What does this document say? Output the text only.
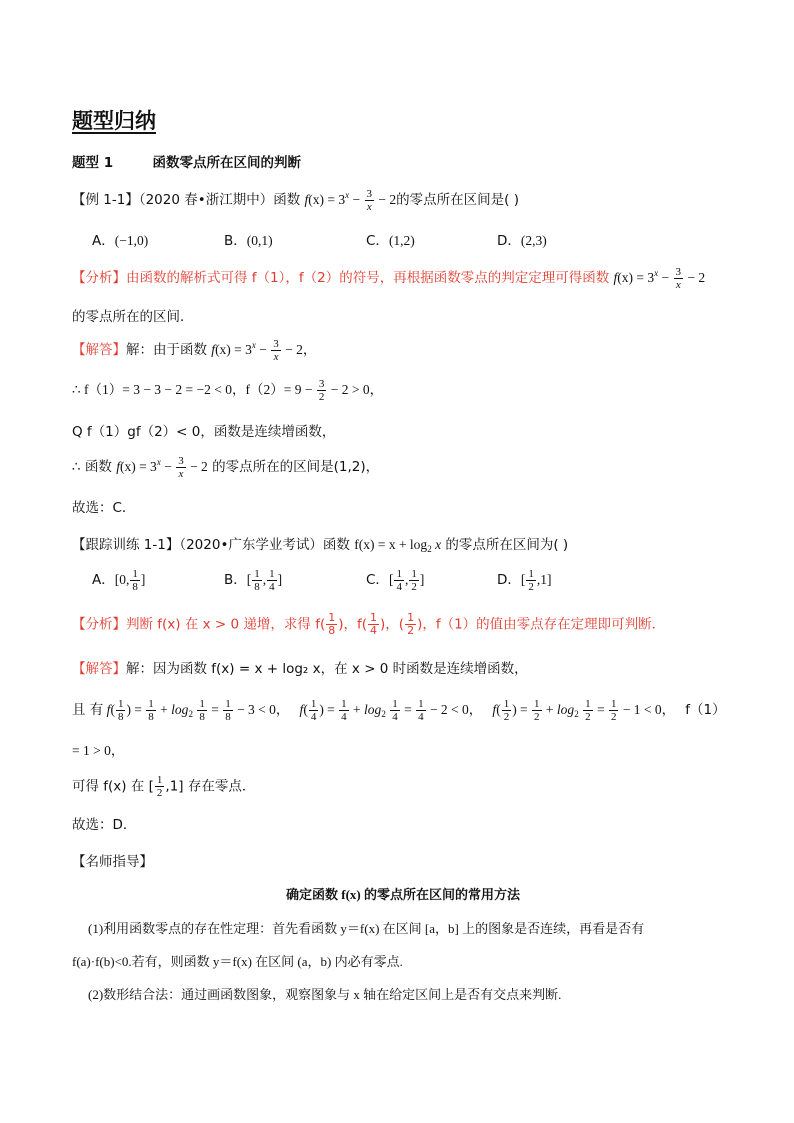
题型归纳
题型 1	函数零点所在区间的判断
【例 1-1】（2020 春•浙江期中）函数 $f(x) = 3^x - \frac{3}{x} - 2$的零点所在区间是( )
A．(−1,0)	B．(0,1)	C．(1,2)	D．(2,3)
【分析】由函数的解析式可得 f（1），f（2）的符号，再根据函数零点的判定定理可得函数 $f(x) = 3^x - \frac{3}{x} - 2$
的零点所在的区间．
【解答】解：由于函数 $f(x) = 3^x - \frac{3}{x} - 2$，
∴ f（1）= 3 − 3 − 2 = −2 < 0，$f(2)= 9 - \frac{3}{2} - 2 > 0$，
Q f（1）gf（2）< 0，函数是连续增函数，
∴ 函数 $f(x) = 3^x - \frac{3}{x} - 2$ 的零点所在的区间是(1,2)，
故选：C．
【跟踪训练 1-1】（2020•广东学业考试）函数 $f(x) = x + \log_2 x$ 的零点所在区间为( )
A．[0, $\frac{1}{8}$ ]	B．[ $\frac{1}{8}$ , $\frac{1}{4}$ ]	C．[ $\frac{1}{4}$ , $\frac{1}{2}$ ]	D．[ $\frac{1}{2} ,1$]
【分析】判断 f(x) 在 x > 0 递增，求得 $f( \frac{1}{8}$ )，$f( \frac{1}{4}$ )，( $\frac{1}{2}$ )，f（1）的值由零点存在定理即可判断．
【解答】解：因为函数 f(x) = x + log₂ x，在 x > 0 时函数是连续增函数，
且 有 $f( \frac{1}{8}$ ) = $\frac{1}{8} + \log_2 \frac{1}{8} = \frac{1}{8} - 3 < 0$，   $f( \frac{1}{4}$ ) = $\frac{1}{4} + \log_2 \frac{1}{4} = \frac{1}{4} - 2 < 0$，   $f( \frac{1}{2}$ ) = $\frac{1}{2} + \log_2 \frac{1}{2} = \frac{1}{2} - 1 < 0$，   f（1）
= 1 > 0，
可得 f(x) 在 [ $\frac{1}{2} ,1$] 存在零点．
故选：D．
【名师指导】
确定函数 f(x) 的零点所在区间的常用方法
(1)利用函数零点的存在性定理：首先看函数 y＝f(x) 在区间 [a，b] 上的图象是否连续，再看是否有
f(a)·f(b)<0.若有，则函数 y＝f(x) 在区间 (a，b) 内必有零点.
(2)数形结合法：通过画函数图象，观察图象与 x 轴在给定区间上是否有交点来判断.
